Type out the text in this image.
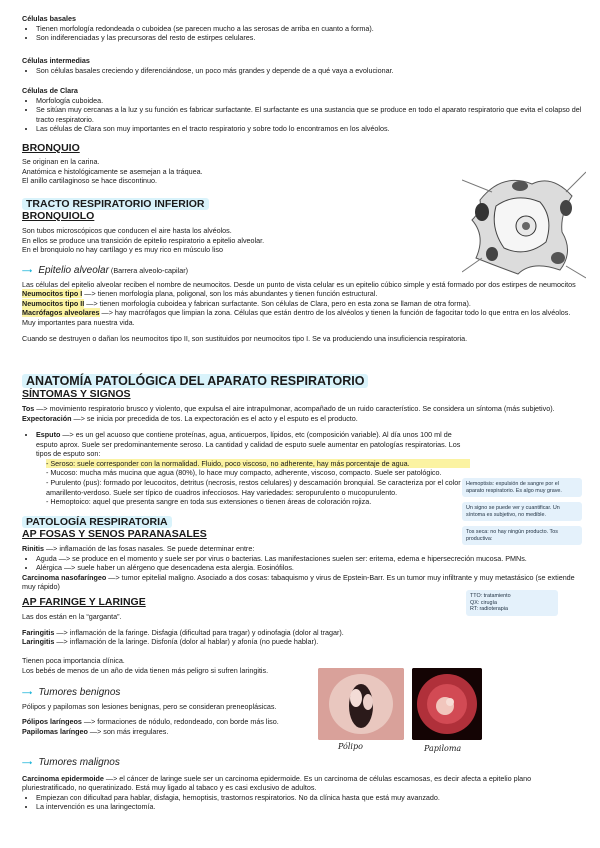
Células basales
• Tienen morfología redondeada o cuboidea (se parecen mucho a las serosas de arriba en cuanto a forma).
• Son indiferenciadas y las precursoras del resto de estirpes celulares.
Células intermedias
• Son células basales creciendo y diferenciándose, un poco más grandes y depende de a qué vaya a evolucionar.
Células de Clara
• Morfología cuboidea.
• Se sitúan muy cercanas a la luz y su función es fabricar surfactante. El surfactante es una sustancia que se produce en todo el aparato respiratorio que evita el colapso del tracto respiratorio.
• Las células de Clara son muy importantes en el tracto respiratorio y sobre todo lo encontramos en los alvéolos.
BRONQUIO
Se originan en la carina.
Anatómica e histológicamente se asemejan a la tráquea.
El anillo cartilaginoso se hace discontinuo.
TRACTO RESPIRATORIO INFERIOR
BRONQUIOLO
Son tubos microscópicos que conducen el aire hasta los alvéolos.
En ellos se produce una transición de epitelio respiratorio a epitelio alveolar.
En el bronquiolo no hay cartílago y es muy rico en músculo liso
⟶ Epitelio alveolar (Barrera alveolo-capilar)
Las células del epitelio alveolar reciben el nombre de neumocitos. Desde un punto de vista celular es un epitelio cúbico simple y está formado por dos estirpes de neumocitos
Neumocitos tipo I —> tienen morfología plana, poligonal, son los más abundantes y tienen función estructural.
Neumocitos tipo II —> tienen morfología cuboidea y fabrican surfactante. Son células de Clara, pero en esta zona se llaman de otra forma).
Macrófagos alveolares —> hay macrófagos que limpian la zona. Células que están dentro de los alvéolos y tienen la función de fagocitar todo lo que entra en los alvéolos. Muy importantes para nuestra vida.
Cuando se destruyen o dañan los neumocitos tipo II, son sustituidos por neumocitos tipo I. Se va produciendo una insuficiencia respiratoria.
ANATOMÍA PATOLÓGICA DEL APARATO RESPIRATORIO
SÍNTOMAS Y SIGNOS
Tos —> movimiento respiratorio brusco y violento, que expulsa el aire intrapulmonar, acompañado de un ruido característico. Se considera un síntoma (más subjetivo).
Expectoración —> se inicia por precedida de tos. La expectoración es el acto y el esputo es el producto.
• Esputo —> es un gel acuoso que contiene proteínas, agua, anticuerpos, lípidos, etc (composición variable). Al día unos 100 ml de esputo aprox. Suele ser predominantemente seroso. La cantidad y calidad de esputo suele aumentar en patologías respiratorias. Los tipos de esputo son:
- Seroso: suele corresponder con la normalidad. Fluido, poco viscoso, no adherente, hay más porcentaje de agua.
- Mucoso: mucha más mucina que agua (80%), lo hace muy compacto, adherente, viscoso, compacto. Suele ser patológico.
- Purulento (pus): formado por leucocitos, detritus (necrosis, restos celulares) y descamación bronquial. Se caracteriza por el color amarillento-verdoso. Suele ser típico de cuadros infecciosos. Hay variedades: seropurulento o mucopurulento.
- Hemoptoico: aquel que presenta sangre en toda sus extensiones o tienen áreas de coloración rojiza.
Hemoptisis: expulsión de sangre por el aparato respiratorio. Es algo muy grave.
Un signo se puede ver y cuantificar. Un síntoma es subjetivo, no medible.
Tos seca: no hay ningún producto. Tos productiva:
PATOLOGÍA RESPIRATORIA
AP FOSAS Y SENOS PARANASALES
Rinitis —> inflamación de las fosas nasales. Se puede determinar entre:
• Aguda —> se produce en el momento y suele ser por virus o bacterias. Las manifestaciones suelen ser: eritema, edema e hipersecreción mucosa. PMNs.
• Alérgica —> suele haber un alérgeno que desencadena esta alergia. Eosinófilos.
Carcinoma nasofaríngeo —> tumor epitelial maligno. Asociado a dos cosas: tabaquismo y virus de Epstein-Barr. Es un tumor muy infiltrante y muy metastásico (se extiende muy rápido)
TTO: tratamiento
QX: cirugía
RT: radioterapia
AP FARINGE Y LARINGE
Las dos están en la “garganta”.
Faringitis —> inflamación de la faringe. Disfagia (dificultad para tragar) y odinofagia (dolor al tragar).
Laringitis —> inflamación de la laringe. Disfonía (dolor al hablar) y afonía (no puede hablar).
Tienen poca importancia clínica.
Los bebés de menos de un año de vida tienen más peligro si sufren laringitis.
⟶ Tumores benignos
Pólipos y papilomas son lesiones benignas, pero se consideran preneoplásicas.
Pólipos laríngeos —> formaciones de nódulo, redondeado, con borde más liso.
Papilomas laríngeo —> son más irregulares.
Pólipo	Papiloma
⟶ Tumores malignos
Carcinoma epidermoide —> el cáncer de laringe suele ser un carcinoma epidermoide. Es un carcinoma de células escamosas, es decir afecta a epitelio plano pluriestratificado, no queratinizado. Está muy ligado al tabaco y es casi exclusivo de adultos.
• Empiezan con dificultad para hablar, disfagia, hemoptisis, trastornos respiratorios. No da clínica hasta que está muy avanzado.
• La intervención es una laringectomía.
